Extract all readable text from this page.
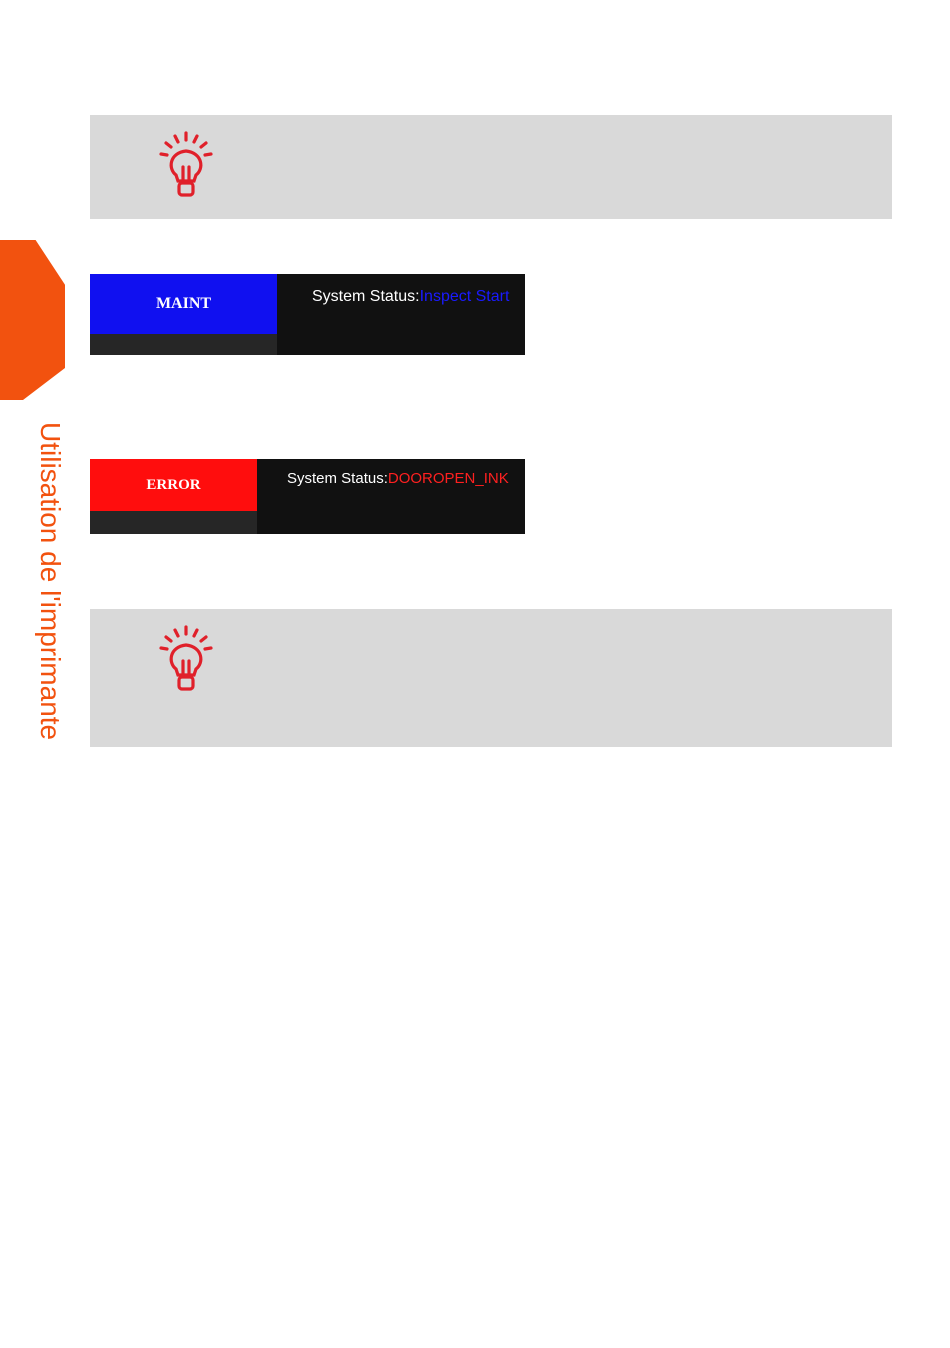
Utilisation de l'imprimante
MAINT	System Status:Inspect Start
ERROR	System Status:DOOROPEN_INK
